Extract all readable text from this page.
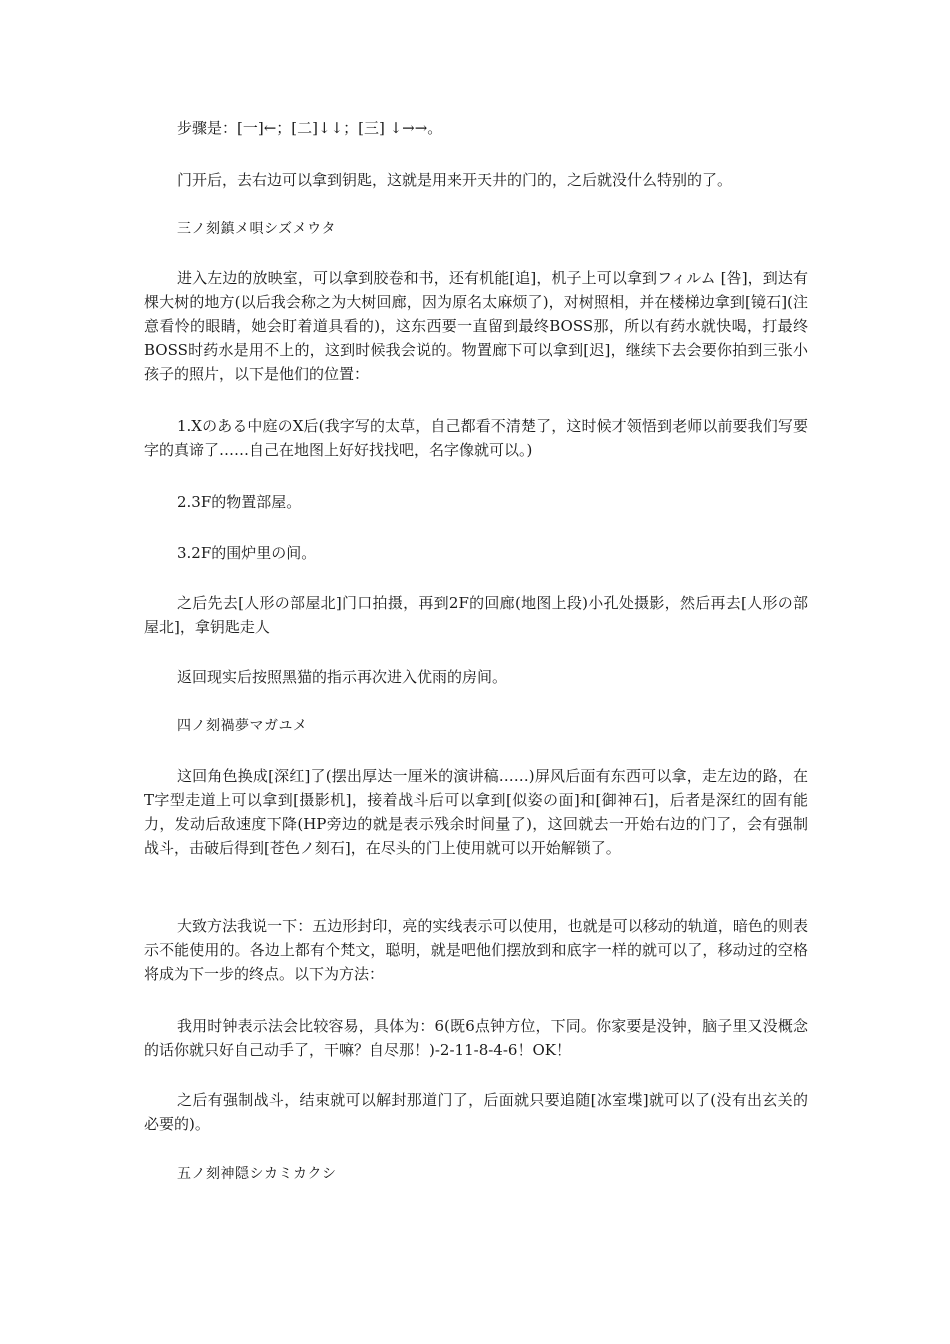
步骤是：[一]←；[二]↓↓；[三] ↓→→。

门开后，去右边可以拿到钥匙，这就是用来开天井的门的，之后就没什么特别的了。

三ノ刻鎮メ唄シズメウタ

进入左边的放映室，可以拿到胶卷和书，还有机能[追]，机子上可以拿到フィルム [咎]，到达有棵大树的地方(以后我会称之为大树回廊，因为原名太麻烦了)，对树照相，并在楼梯边拿到[镜石](注意看怜的眼睛，她会盯着道具看的)，这东西要一直留到最终BOSS那，所以有药水就快喝，打最终BOSS时药水是用不上的，这到时候我会说的。物置廊下可以拿到[迟]，继续下去会要你拍到三张小孩子的照片，以下是他们的位置：

1.Xのある中庭のX后(我字写的太草，自己都看不清楚了，这时候才领悟到老师以前要我们写要字的真谛了……自己在地图上好好找找吧，名字像就可以。)

2.3F的物置部屋。

3.2F的围炉里の间。

之后先去[人形の部屋北]门口拍摄，再到2F的回廊(地图上段)小孔处摄影，然后再去[人形の部屋北]，拿钥匙走人

返回现实后按照黑猫的指示再次进入优雨的房间。

四ノ刻禍夢マガユメ

这回角色换成[深红]了(摆出厚达一厘米的演讲稿……)屏风后面有东西可以拿，走左边的路，在T字型走道上可以拿到[摄影机]，接着战斗后可以拿到[似姿の面]和[御神石]，后者是深红的固有能力，发动后敌速度下降(HP旁边的就是表示残余时间量了)，这回就去一开始右边的门了，会有强制战斗，击破后得到[苍色ノ刻石]，在尽头的门上使用就可以开始解锁了。

大致方法我说一下：五边形封印，亮的实线表示可以使用，也就是可以移动的轨道，暗色的则表示不能使用的。各边上都有个梵文，聪明，就是吧他们摆放到和底字一样的就可以了，移动过的空格将成为下一步的终点。以下为方法：

我用时钟表示法会比较容易，具体为：6(既6点钟方位，下同。你家要是没钟，脑子里又没概念的话你就只好自己动手了，干嘛？自尽那！)-2-11-8-4-6！OK！

之后有强制战斗，结束就可以解封那道门了，后面就只要追随[冰室堞]就可以了(没有出玄关的必要的)。

五ノ刻神隠シカミカクシ
